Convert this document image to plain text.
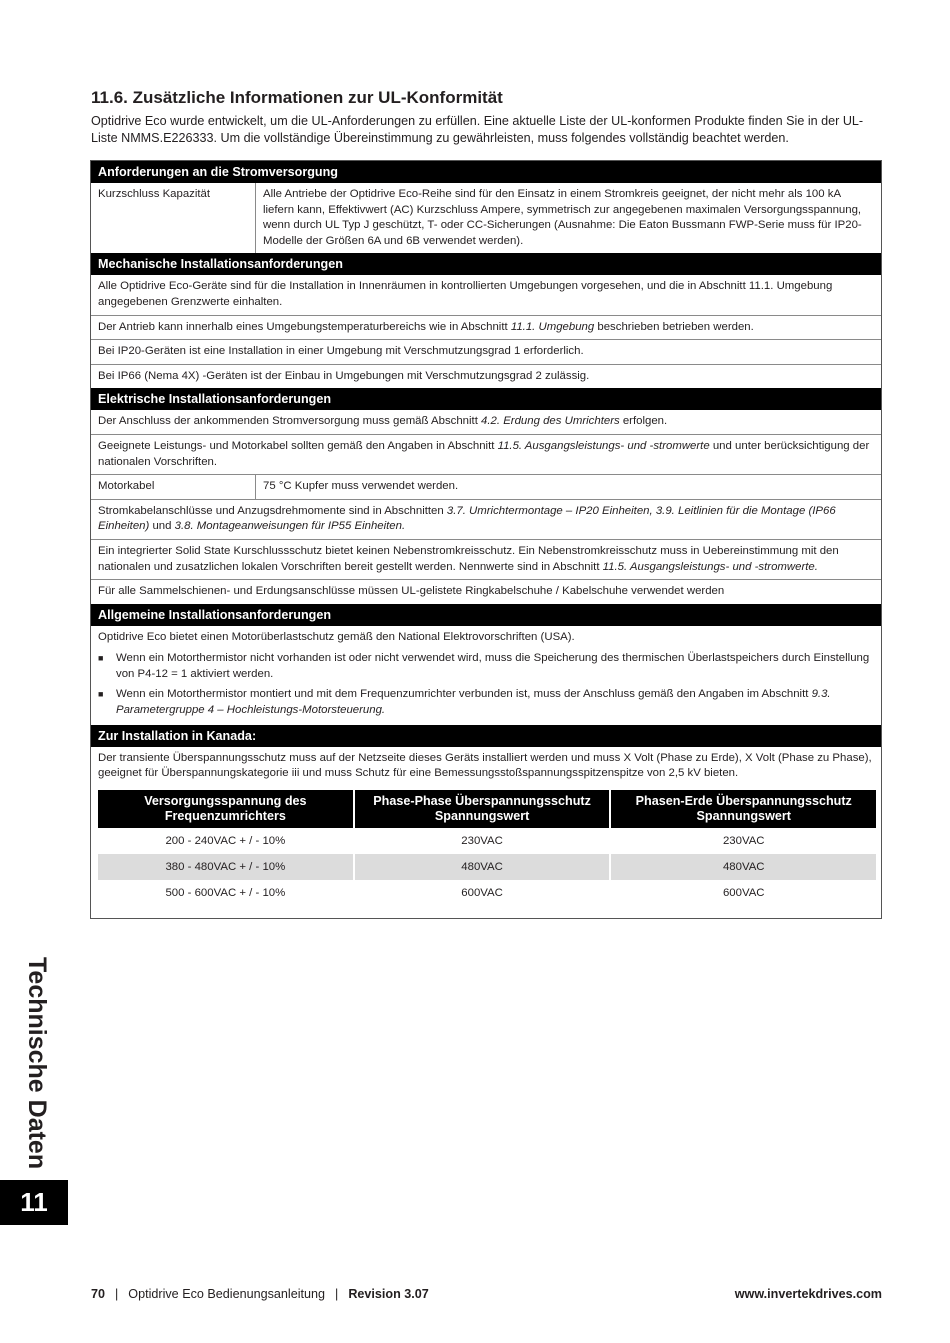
11.6. Zusätzliche Informationen zur UL-Konformität

Optidrive Eco wurde entwickelt, um die UL-Anforderungen zu erfüllen. Eine aktuelle Liste der UL-konformen Produkte finden Sie in der UL-Liste NMMS.E226333. Um die vollständige Übereinstimmung zu gewährleisten, muss folgendes vollständig beachtet werden.

Anforderungen an die Stromversorgung
Kurzschluss Kapazität	Alle Antriebe der Optidrive Eco-Reihe sind für den Einsatz in einem Stromkreis geeignet, der nicht mehr als 100 kA liefern kann, Effektivwert (AC) Kurzschluss Ampere, symmetrisch zur angegebenen maximalen Versorgungsspannung, wenn durch UL Typ J geschützt, T- oder CC-Sicherungen (Ausnahme: Die Eaton Bussmann FWP-Serie muss für IP20-Modelle der Größen 6A und 6B verwendet werden).
Mechanische Installationsanforderungen
Alle Optidrive Eco-Geräte sind für die Installation in Innenräumen in kontrollierten Umgebungen vorgesehen, und die in Abschnitt 11.1. Umgebung angegebenen Grenzwerte einhalten.
Der Antrieb kann innerhalb eines Umgebungstemperaturbereichs wie in Abschnitt 11.1. Umgebung beschrieben betrieben werden.
Bei IP20-Geräten ist eine Installation in einer Umgebung mit Verschmutzungsgrad 1 erforderlich.
Bei IP66 (Nema 4X) -Geräten ist der Einbau in Umgebungen mit Verschmutzungsgrad 2 zulässig.
Elektrische Installationsanforderungen
Der Anschluss der ankommenden Stromversorgung muss gemäß Abschnitt 4.2. Erdung des Umrichters erfolgen.
Geeignete Leistungs- und Motorkabel sollten gemäß den Angaben in Abschnitt 11.5. Ausgangsleistungs- und -stromwerte und unter berücksichtigung der nationalen Vorschriften.
Motorkabel	75 °C Kupfer muss verwendet werden.
Stromkabelanschlüsse und Anzugsdrehmomente sind in Abschnitten 3.7. Umrichtermontage – IP20 Einheiten, 3.9. Leitlinien für die Montage (IP66 Einheiten) und 3.8. Montageanweisungen für IP55 Einheiten.
Ein integrierter Solid State Kurschlussschutz bietet keinen Nebenstromkreisschutz. Ein Nebenstromkreisschutz muss in Uebereinstimmung mit den nationalen und zusatzlichen lokalen Vorschriften bereit gestellt werden. Nennwerte sind in Abschnitt 11.5. Ausgangsleistungs- und -stromwerte.
Für alle Sammelschienen- und Erdungsanschlüsse müssen UL-gelistete Ringkabelschuhe / Kabelschuhe verwendet werden
Allgemeine Installationsanforderungen
Optidrive Eco bietet einen Motorüberlastschutz gemäß den National Elektrovorschriften (USA).
■	Wenn ein Motorthermistor nicht vorhanden ist oder nicht verwendet wird, muss die Speicherung des thermischen Überlastspeichers durch Einstellung von P4-12 = 1 aktiviert werden.
■	Wenn ein Motorthermistor montiert und mit dem Frequenzumrichter verbunden ist, muss der Anschluss gemäß den Angaben im Abschnitt 9.3. Parametergruppe 4 – Hochleistungs-Motorsteuerung.
Zur Installation in Kanada:
Der transiente Überspannungsschutz muss auf der Netzseite dieses Geräts installiert werden und muss X Volt (Phase zu Erde), X Volt (Phase zu Phase), geeignet für Überspannungskategorie iii und muss Schutz für eine Bemessungsstoßspannungsspitzenspitze von 2,5 kV bieten.
Versorgungsspannung des Frequenzumrichters	Phase-Phase Überspannungsschutz Spannungswert	Phasen-Erde Überspannungsschutz Spannungswert
200 - 240VAC + / - 10%	230VAC	230VAC
380 - 480VAC + / - 10%	480VAC	480VAC
500 - 600VAC + / - 10%	600VAC	600VAC
Technische Daten
11
70 | Optidrive Eco Bedienungsanleitung | Revision 3.07	www.invertekdrives.com
